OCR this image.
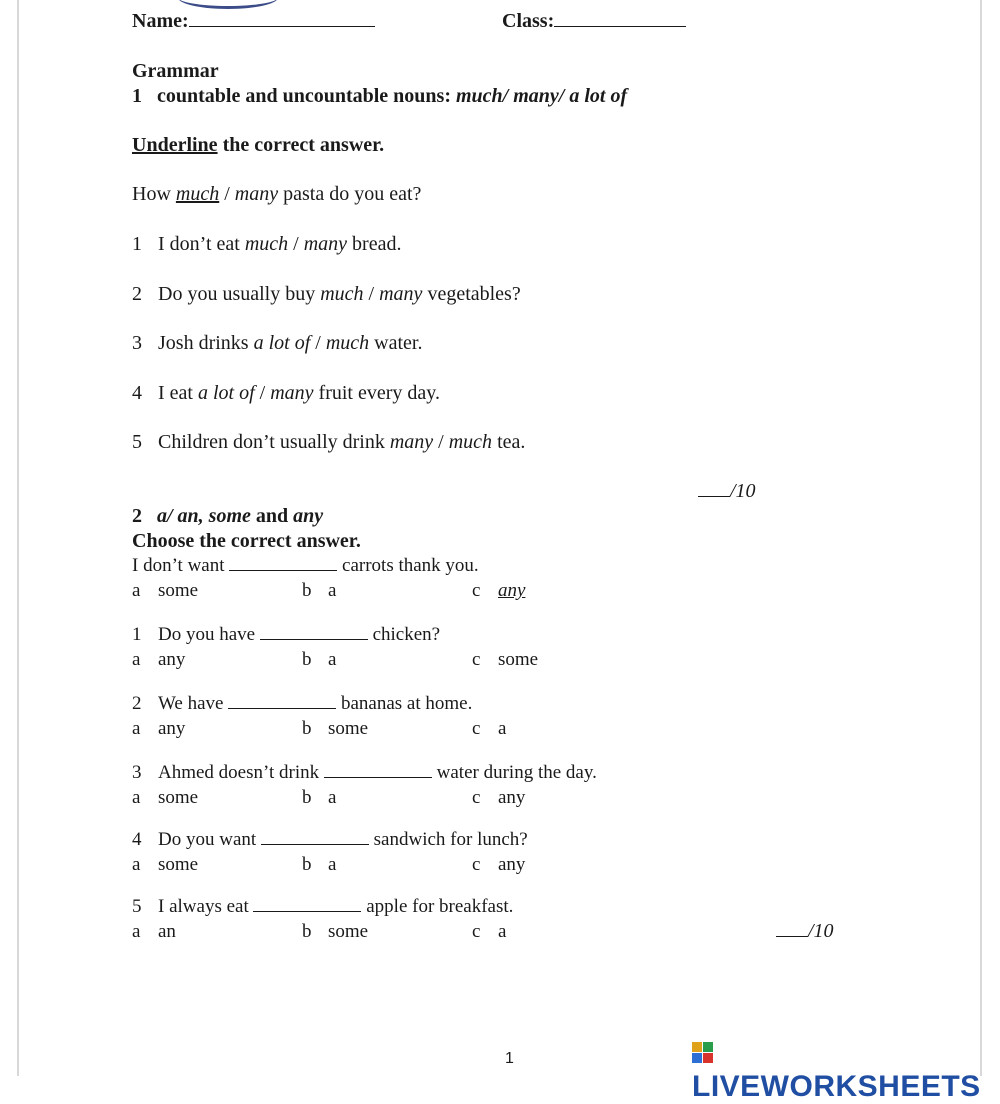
Name:	Class:
Grammar
1 countable and uncountable nouns: much/ many/ a lot of
Underline the correct answer.
How much / many pasta do you eat?
1 I don’t eat much / many bread.
2 Do you usually buy much / many vegetables?
3 Josh drinks a lot of / much water.
4 I eat a lot of / many fruit every day.
5 Children don’t usually drink many / much tea.
/10
2 a/ an, some and any
Choose the correct answer.
I don’t want	carrots thank you.
a some	b a	c any
1 Do you have	chicken?
a any	b a	c some
2 We have	bananas at home.
a any	b some	c a
3 Ahmed doesn’t drink	water during the day.
a some	b a	c any
4 Do you want	sandwich for lunch?
a some	b a	c any
5 I always eat	apple for breakfast.
a an	b some	c a	/10
1
LIVEWORKSHEETS
